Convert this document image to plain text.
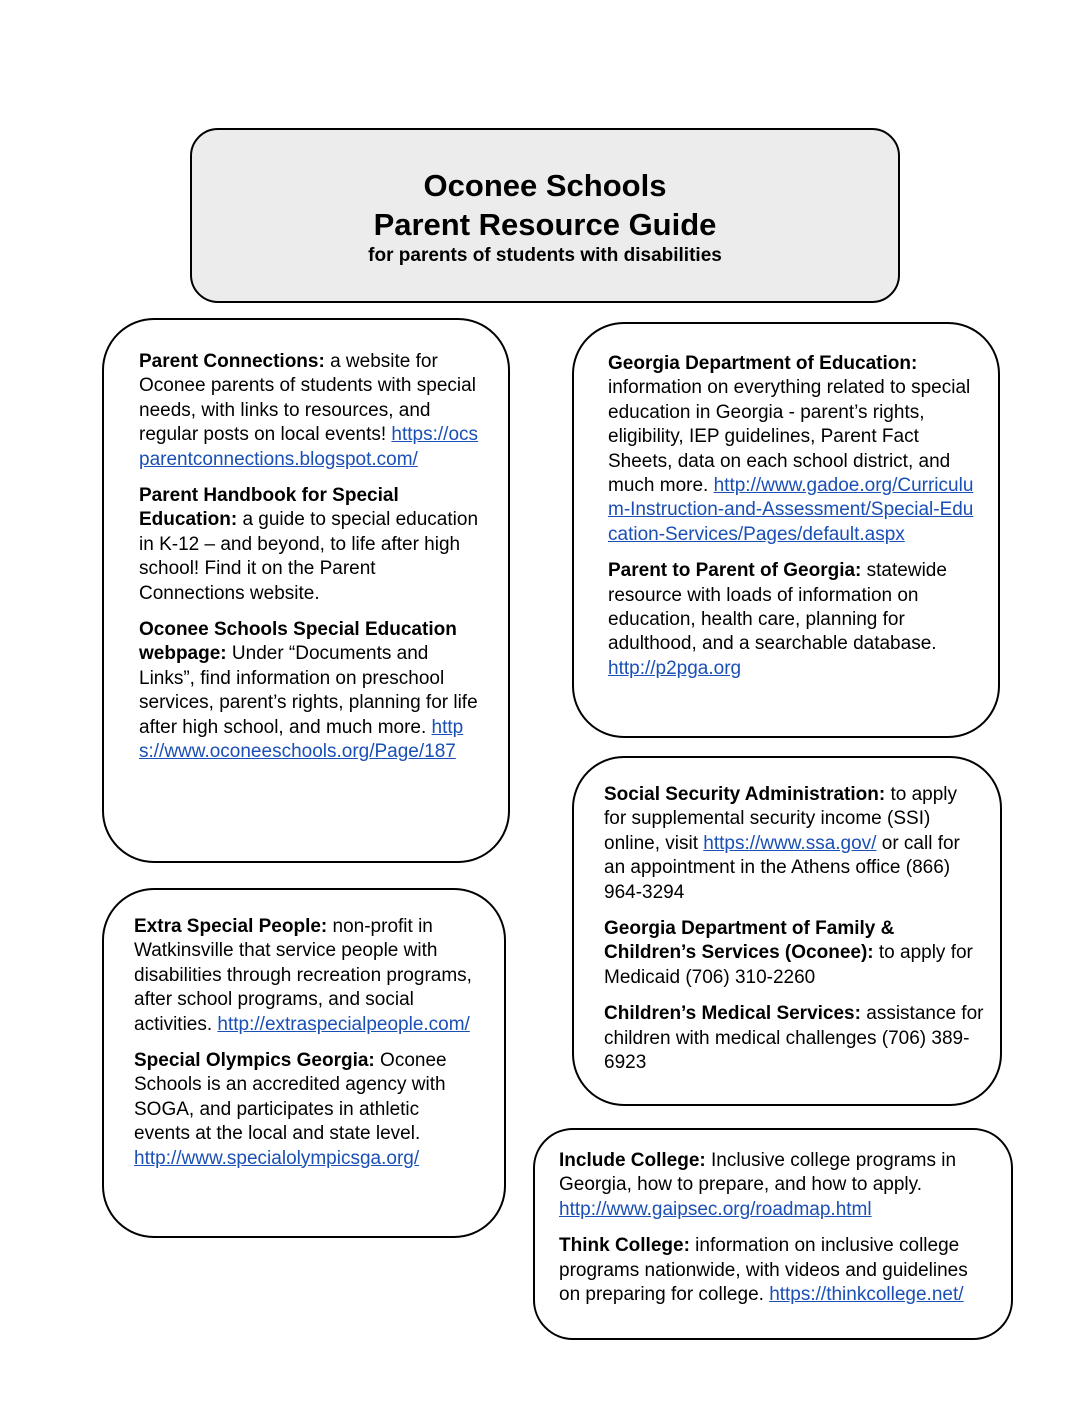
Oconee Schools
Parent Resource Guide
for parents of students with disabilities
Parent Connections: a website for Oconee parents of students with special needs, with links to resources, and regular posts on local events! https://ocsparentconnections.blogspot.com/
Parent Handbook for Special Education: a guide to special education in K-12 – and beyond, to life after high school! Find it on the Parent Connections website.
Oconee Schools Special Education webpage: Under “Documents and Links”, find information on preschool services, parent’s rights, planning for life after high school, and much more. https://www.oconeeschools.org/Page/187
Georgia Department of Education: information on everything related to special education in Georgia - parent’s rights, eligibility, IEP guidelines, Parent Fact Sheets, data on each school district, and much more. http://www.gadoe.org/Curriculum-Instruction-and-Assessment/Special-Education-Services/Pages/default.aspx
Parent to Parent of Georgia: statewide resource with loads of information on education, health care, planning for adulthood, and a searchable database. http://p2pga.org
Extra Special People: non-profit in Watkinsville that service people with disabilities through recreation programs, after school programs, and social activities. http://extraspecialpeople.com/
Special Olympics Georgia: Oconee Schools is an accredited agency with SOGA, and participates in athletic events at the local and state level. http://www.specialolympicsga.org/
Social Security Administration: to apply for supplemental security income (SSI) online, visit https://www.ssa.gov/ or call for an appointment in the Athens office (866) 964-3294
Georgia Department of Family & Children’s Services (Oconee): to apply for Medicaid (706) 310-2260
Children’s Medical Services: assistance for children with medical challenges (706) 389-6923
Include College: Inclusive college programs in Georgia, how to prepare, and how to apply. http://www.gaipsec.org/roadmap.html
Think College: information on inclusive college programs nationwide, with videos and guidelines on preparing for college. https://thinkcollege.net/
